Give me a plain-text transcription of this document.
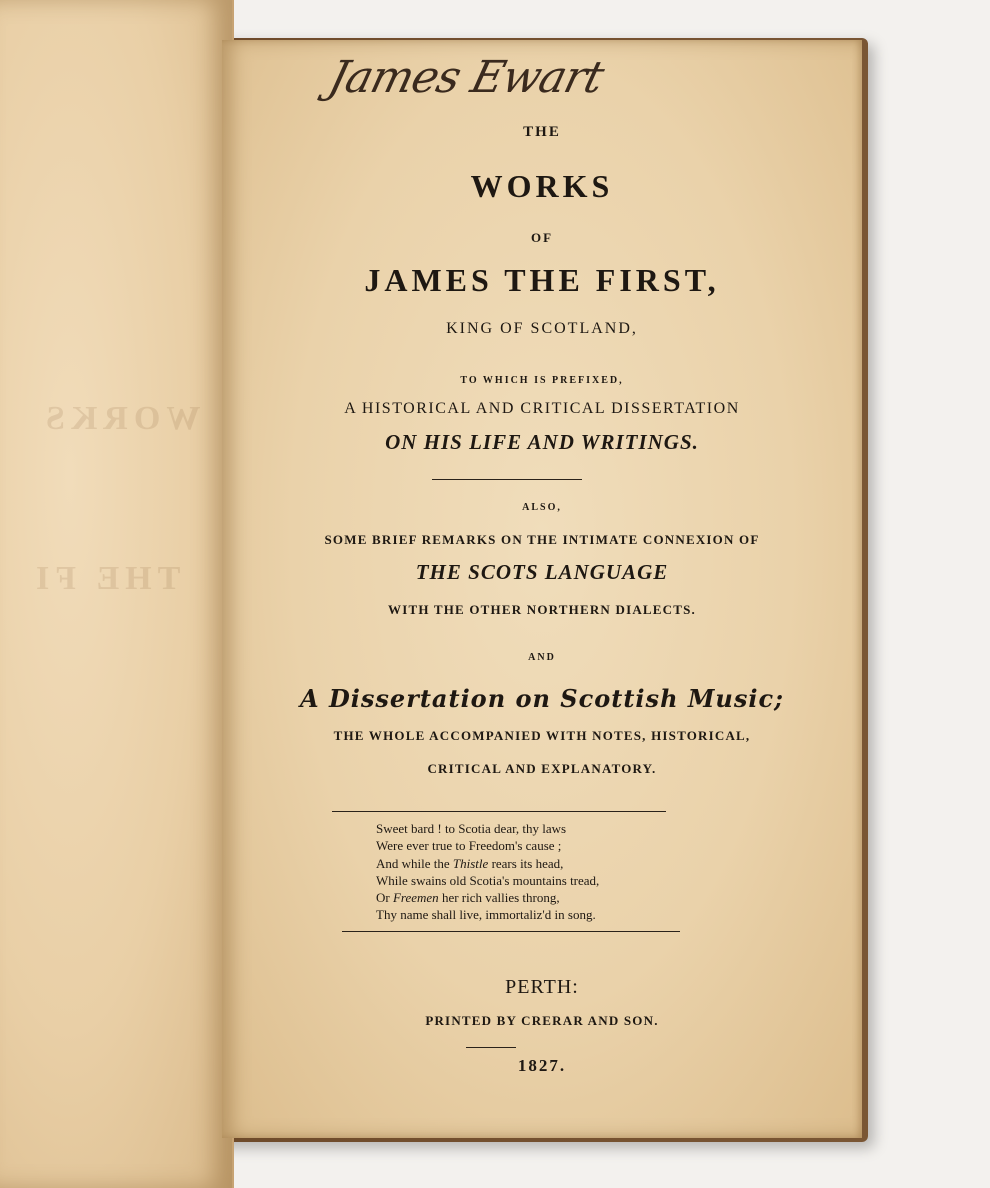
WORKS
THE FI
James Ewart
THE
WORKS
OF
JAMES THE FIRST,
KING OF SCOTLAND,
TO WHICH IS PREFIXED,
A HISTORICAL AND CRITICAL DISSERTATION
ON HIS LIFE AND WRITINGS.
ALSO,
SOME BRIEF REMARKS ON THE INTIMATE CONNEXION OF
THE SCOTS LANGUAGE
WITH THE OTHER NORTHERN DIALECTS.
AND
A Dissertation on Scottish Music;
THE WHOLE ACCOMPANIED WITH NOTES, HISTORICAL,
CRITICAL AND EXPLANATORY.
Sweet bard ! to Scotia dear, thy laws
Were ever true to Freedom's cause ;
And while the Thistle rears its head,
While swains old Scotia's mountains tread,
Or Freemen her rich vallies throng,
Thy name shall live, immortaliz'd in song.
PERTH:
PRINTED BY CRERAR AND SON.
1827.
